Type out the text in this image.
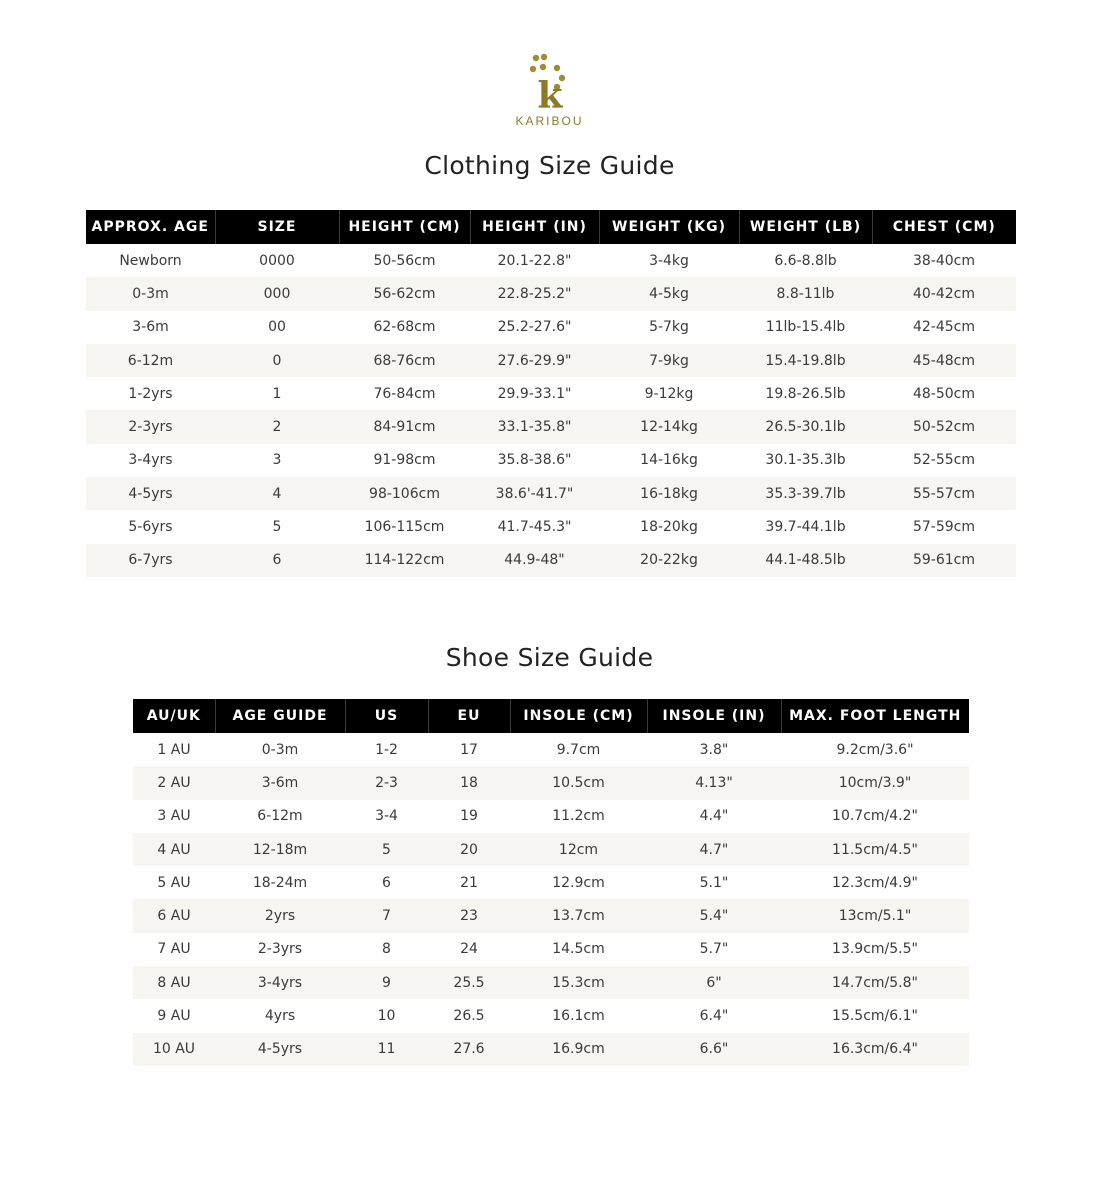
k
KARIBOU
Clothing Size Guide
APPROX. AGE	SIZE	HEIGHT (CM)	HEIGHT (IN)	WEIGHT (KG)	WEIGHT (LB)	CHEST (CM)
Newborn	0000	50-56cm	20.1-22.8"	3-4kg	6.6-8.8lb	38-40cm
0-3m	000	56-62cm	22.8-25.2"	4-5kg	8.8-11lb	40-42cm
3-6m	00	62-68cm	25.2-27.6"	5-7kg	11lb-15.4lb	42-45cm
6-12m	0	68-76cm	27.6-29.9"	7-9kg	15.4-19.8lb	45-48cm
1-2yrs	1	76-84cm	29.9-33.1"	9-12kg	19.8-26.5lb	48-50cm
2-3yrs	2	84-91cm	33.1-35.8"	12-14kg	26.5-30.1lb	50-52cm
3-4yrs	3	91-98cm	35.8-38.6"	14-16kg	30.1-35.3lb	52-55cm
4-5yrs	4	98-106cm	38.6'-41.7"	16-18kg	35.3-39.7lb	55-57cm
5-6yrs	5	106-115cm	41.7-45.3"	18-20kg	39.7-44.1lb	57-59cm
6-7yrs	6	114-122cm	44.9-48"	20-22kg	44.1-48.5lb	59-61cm
Shoe Size Guide
AU/UK	AGE GUIDE	US	EU	INSOLE (CM)	INSOLE (IN)	MAX. FOOT LENGTH
1 AU	0-3m	1-2	17	9.7cm	3.8"	9.2cm/3.6"
2 AU	3-6m	2-3	18	10.5cm	4.13"	10cm/3.9"
3 AU	6-12m	3-4	19	11.2cm	4.4"	10.7cm/4.2"
4 AU	12-18m	5	20	12cm	4.7"	11.5cm/4.5"
5 AU	18-24m	6	21	12.9cm	5.1"	12.3cm/4.9"
6 AU	2yrs	7	23	13.7cm	5.4"	13cm/5.1"
7 AU	2-3yrs	8	24	14.5cm	5.7"	13.9cm/5.5"
8 AU	3-4yrs	9	25.5	15.3cm	6"	14.7cm/5.8"
9 AU	4yrs	10	26.5	16.1cm	6.4"	15.5cm/6.1"
10 AU	4-5yrs	11	27.6	16.9cm	6.6"	16.3cm/6.4"
